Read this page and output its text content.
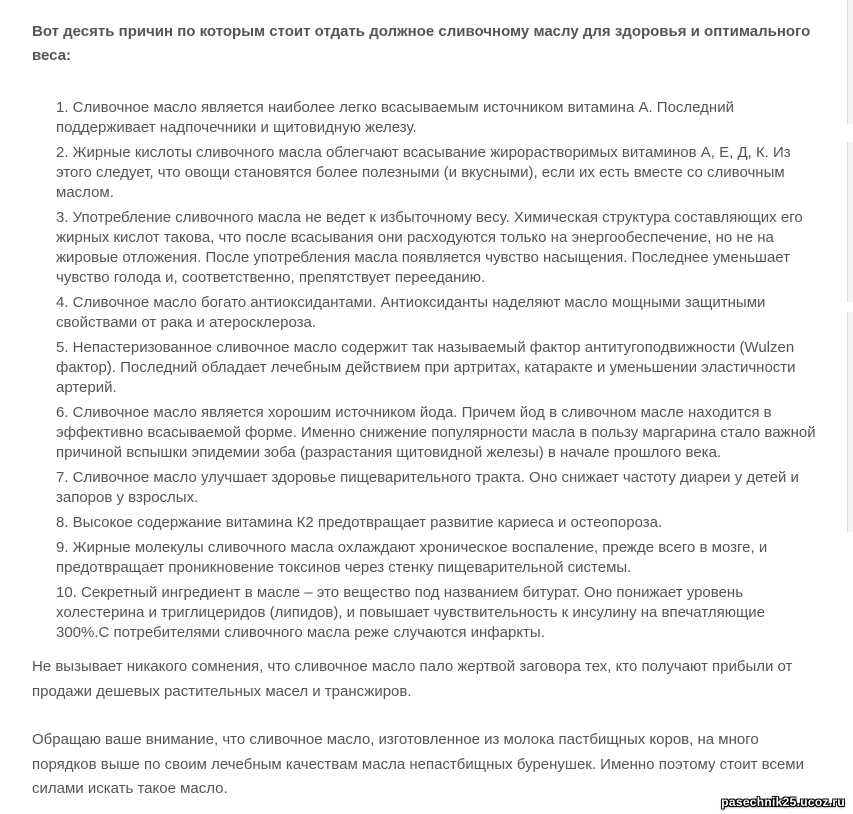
Вот десять причин по которым стоит отдать должное сливочному маслу для здоровья и оптимального веса:

1. Сливочное масло является наиболее легко всасываемым источником витамина А. Последний поддерживает надпочечники и щитовидную железу.
2. Жирные кислоты сливочного масла облегчают всасывание жирорастворимых витаминов А, Е, Д, К. Из этого следует, что овощи становятся более полезными (и вкусными), если их есть вместе со сливочным маслом.
3. Употребление сливочного масла не ведет к избыточному весу. Химическая структура составляющих его жирных кислот такова, что после всасывания они расходуются только на энергообеспечение, но не на жировые отложения. После употребления масла появляется чувство насыщения. Последнее уменьшает чувство голода и, соответственно, препятствует перееданию.
4. Сливочное масло богато антиоксидантами. Антиоксиданты наделяют масло мощными защитными свойствами от рака и атеросклероза.
5. Непастеризованное сливочное масло содержит так называемый фактор антитугоподвижности (Wulzen фактор). Последний обладает лечебным действием при артритах, катаракте и уменьшении эластичности артерий.
6. Сливочное масло является хорошим источником йода. Причем йод в сливочном масле находится в эффективно всасываемой форме. Именно снижение популярности масла в пользу маргарина стало важной причиной вспышки эпидемии зоба (разрастания щитовидной железы) в начале прошлого века.
7. Сливочное масло улучшает здоровье пищеварительного тракта. Оно снижает частоту диареи у детей и запоров у взрослых.
8. Высокое содержание витамина К2 предотвращает развитие кариеса и остеопороза.
9. Жирные молекулы сливочного масла охлаждают хроническое воспаление, прежде всего в мозге, и предотвращает проникновение токсинов через стенку пищеварительной системы.
10. Секретный ингредиент в масле – это вещество под названием битурат. Оно понижает уровень холестерина и триглицеридов (липидов), и повышает чувствительность к инсулину на впечатляющие 300%.С потребителями сливочного масла реже случаются инфаркты.

Не вызывает никакого сомнения, что сливочное масло пало жертвой заговора тех, кто получают прибыли от продажи дешевых растительных масел и трансжиров.

Обращаю ваше внимание, что сливочное масло, изготовленное из молока пастбищных коров, на много порядков выше по своим лечебным качествам масла непастбищных буренушек. Именно поэтому стоит всеми силами искать такое масло.

pasechnik25.ucoz.ru
